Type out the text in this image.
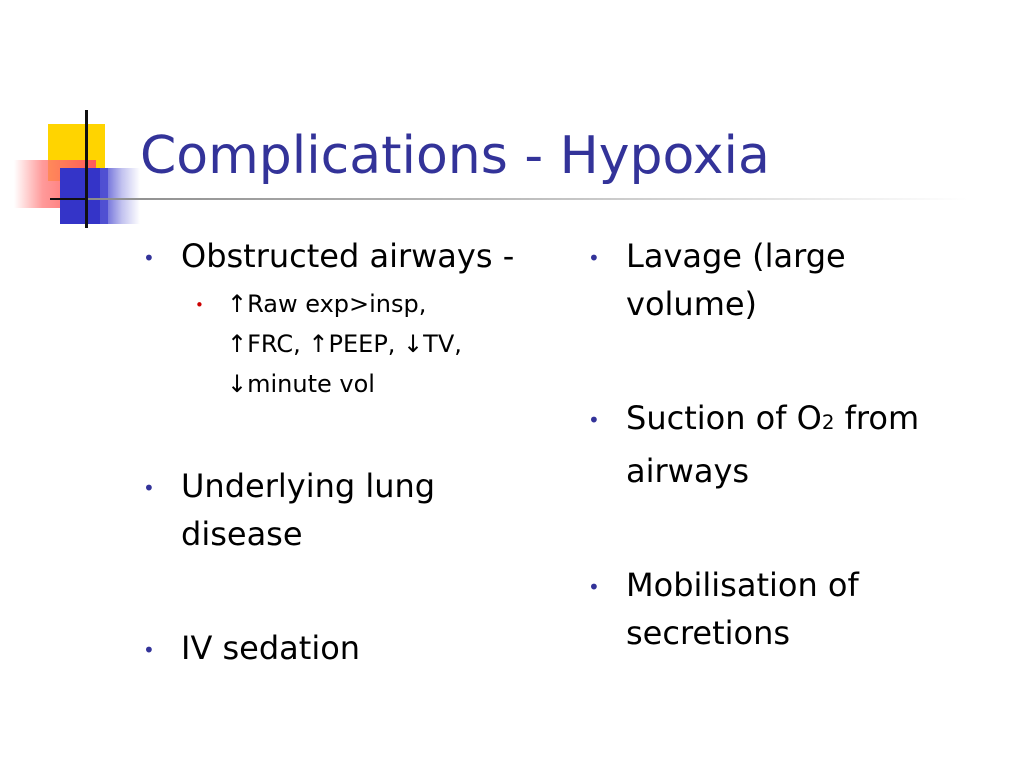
Complications - Hypoxia
• Obstructed airways -
• ↑Raw exp>insp,
↑FRC, ↑PEEP, ↓TV,
↓minute vol
• Underlying lung disease
• IV sedation
• Lavage (large volume)
• Suction of O2 from airways
• Mobilisation of secretions
